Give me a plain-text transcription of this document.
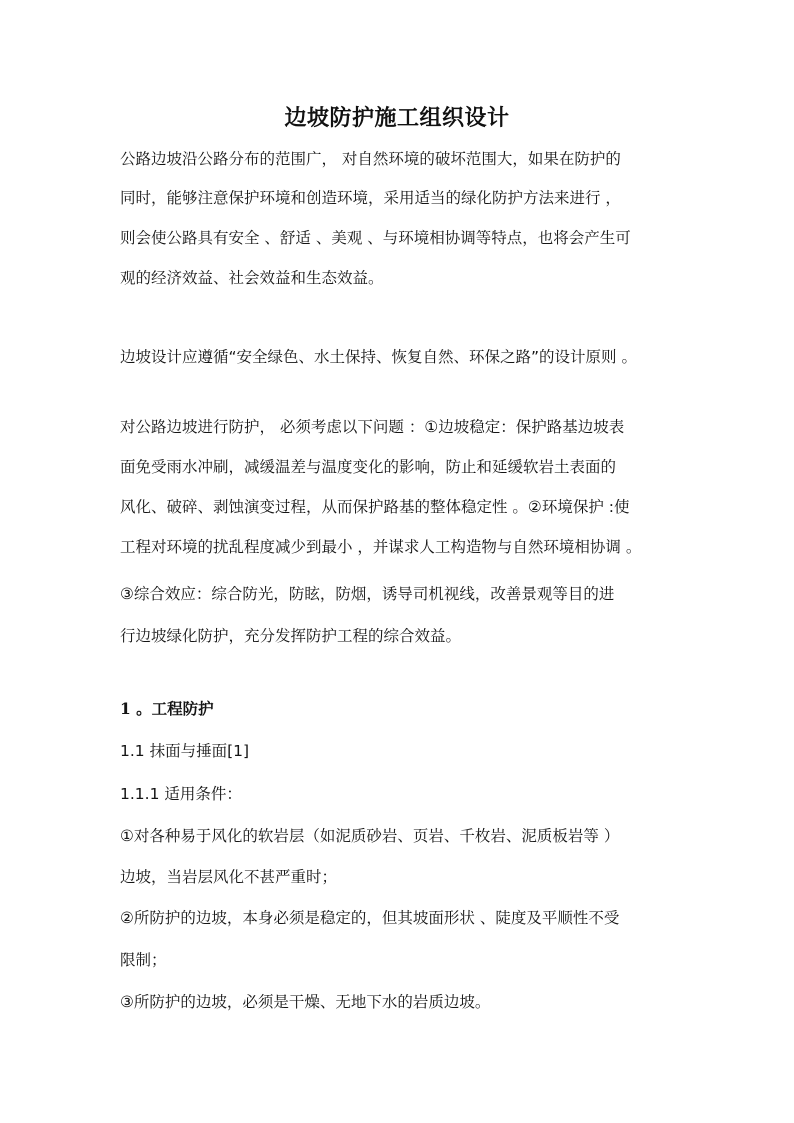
边坡防护施工组织设计
公路边坡沿公路分布的范围广， 对自然环境的破坏范围大，如果在防护的
同时，能够注意保护环境和创造环境，采用适当的绿化防护方法来进行 ，
则会使公路具有安全 、舒适 、美观 、与环境相协调等特点，也将会产生可
观的经济效益、社会效益和生态效益。
边坡设计应遵循“安全绿色、水土保持、恢复自然、环保之路”的设计原则 。
对公路边坡进行防护， 必须考虑以下问题 ：①边坡稳定：保护路基边坡表
面免受雨水冲刷，减缓温差与温度变化的影响，防止和延缓软岩土表面的
风化、破碎、剥蚀演变过程，从而保护路基的整体稳定性 。②环境保护 :使
工程对环境的扰乱程度减少到最小 ，并谋求人工构造物与自然环境相协调 。
③综合效应：综合防光，防眩，防烟，诱导司机视线，改善景观等目的进
行边坡绿化防护，充分发挥防护工程的综合效益。
1 。工程防护
1.1 抹面与捶面[1]
1.1.1 适用条件：
①对各种易于风化的软岩层（如泥质砂岩、页岩、千枚岩、泥质板岩等 ）
边坡，当岩层风化不甚严重时；
②所防护的边坡，本身必须是稳定的，但其坡面形状 、陡度及平顺性不受
限制；
③所防护的边坡，必须是干燥、无地下水的岩质边坡。
